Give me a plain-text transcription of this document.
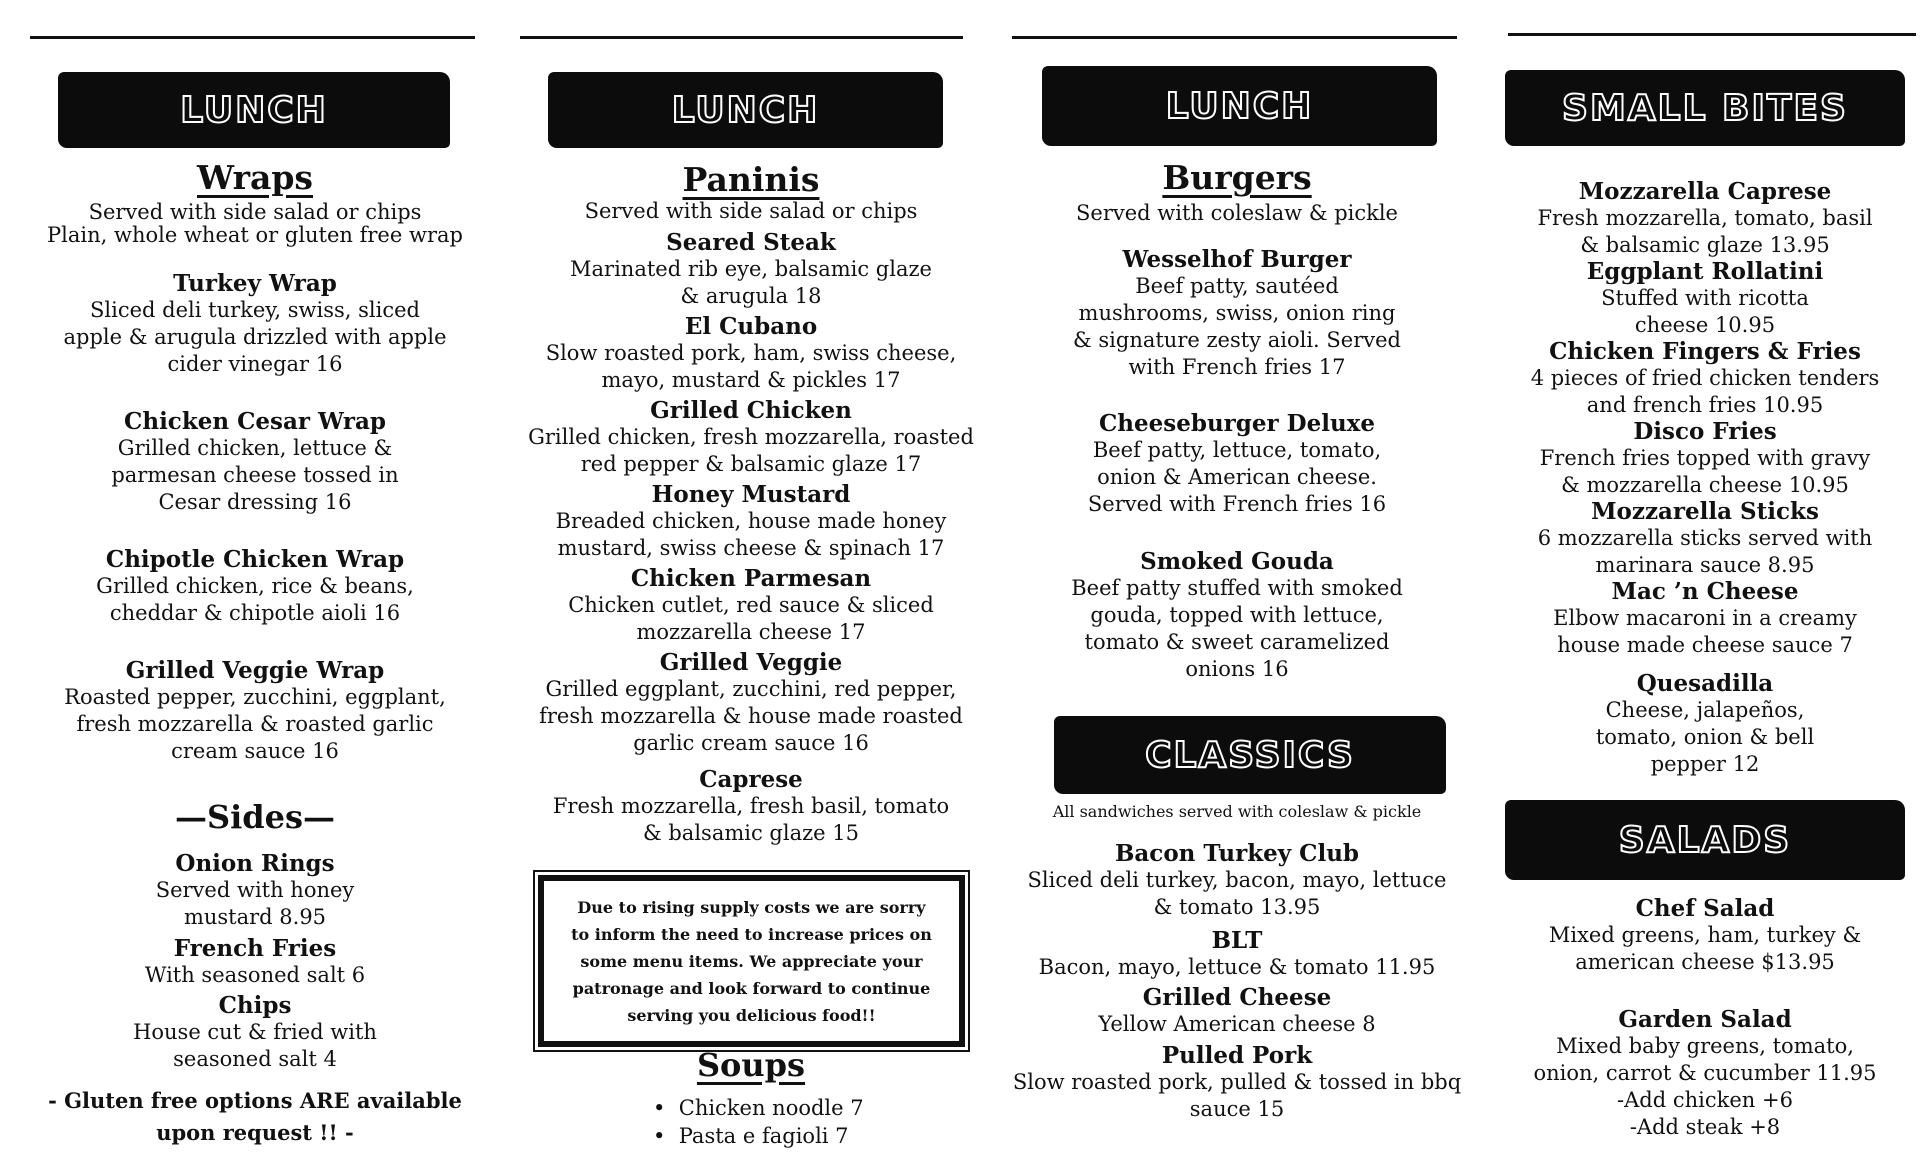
LUNCH	LUNCH	LUNCH	SMALL BITES
CLASSICS
SALADS
Wraps
Served with side salad or chips
Plain, whole wheat or gluten free wrap
Turkey Wrap
Sliced deli turkey, swiss, sliced
apple & arugula drizzled with apple
cider vinegar 16
Chicken Cesar Wrap
Grilled chicken, lettuce &
parmesan cheese tossed in
Cesar dressing 16
Chipotle Chicken Wrap
Grilled chicken, rice & beans,
cheddar & chipotle aioli 16
Grilled Veggie Wrap
Roasted pepper, zucchini, eggplant,
fresh mozzarella & roasted garlic
cream sauce 16
—Sides—
Onion Rings
Served with honey
mustard 8.95
French Fries
With seasoned salt 6
Chips
House cut & fried with
seasoned salt 4
- Gluten free options ARE available
upon request !! -
Paninis
Served with side salad or chips
Seared Steak
Marinated rib eye, balsamic glaze
& arugula 18
El Cubano
Slow roasted pork, ham, swiss cheese,
mayo, mustard & pickles 17
Grilled Chicken
Grilled chicken, fresh mozzarella, roasted
red pepper & balsamic glaze 17
Honey Mustard
Breaded chicken, house made honey
mustard, swiss cheese & spinach 17
Chicken Parmesan
Chicken cutlet, red sauce & sliced
mozzarella cheese 17
Grilled Veggie
Grilled eggplant, zucchini, red pepper,
fresh mozzarella & house made roasted
garlic cream sauce 16
Caprese
Fresh mozzarella, fresh basil, tomato
& balsamic glaze 15
Due to rising supply costs we are sorry
to inform the need to increase prices on
some menu items. We appreciate your
patronage and look forward to continue
serving you delicious food!!
Soups
•  Chicken noodle 7
•  Pasta e fagioli 7
Burgers
Served with coleslaw & pickle
Wesselhof Burger
Beef patty, sautéed
mushrooms, swiss, onion ring
& signature zesty aioli. Served
with French fries 17
Cheeseburger Deluxe
Beef patty, lettuce, tomato,
onion & American cheese.
Served with French fries 16
Smoked Gouda
Beef patty stuffed with smoked
gouda, topped with lettuce,
tomato & sweet caramelized
onions 16
All sandwiches served with coleslaw & pickle
Bacon Turkey Club
Sliced deli turkey, bacon, mayo, lettuce
& tomato 13.95
BLT
Bacon, mayo, lettuce & tomato 11.95
Grilled Cheese
Yellow American cheese 8
Pulled Pork
Slow roasted pork, pulled & tossed in bbq
sauce 15
Mozzarella Caprese
Fresh mozzarella, tomato, basil
& balsamic glaze 13.95
Eggplant Rollatini
Stuffed with ricotta
cheese 10.95
Chicken Fingers & Fries
4 pieces of fried chicken tenders
and french fries 10.95
Disco Fries
French fries topped with gravy
& mozzarella cheese 10.95
Mozzarella Sticks
6 mozzarella sticks served with
marinara sauce 8.95
Mac ’n Cheese
Elbow macaroni in a creamy
house made cheese sauce 7
Quesadilla
Cheese, jalapeños,
tomato, onion & bell
pepper 12
Chef Salad
Mixed greens, ham, turkey &
american cheese $13.95
Garden Salad
Mixed baby greens, tomato,
onion, carrot & cucumber 11.95
-Add chicken +6
-Add steak +8
